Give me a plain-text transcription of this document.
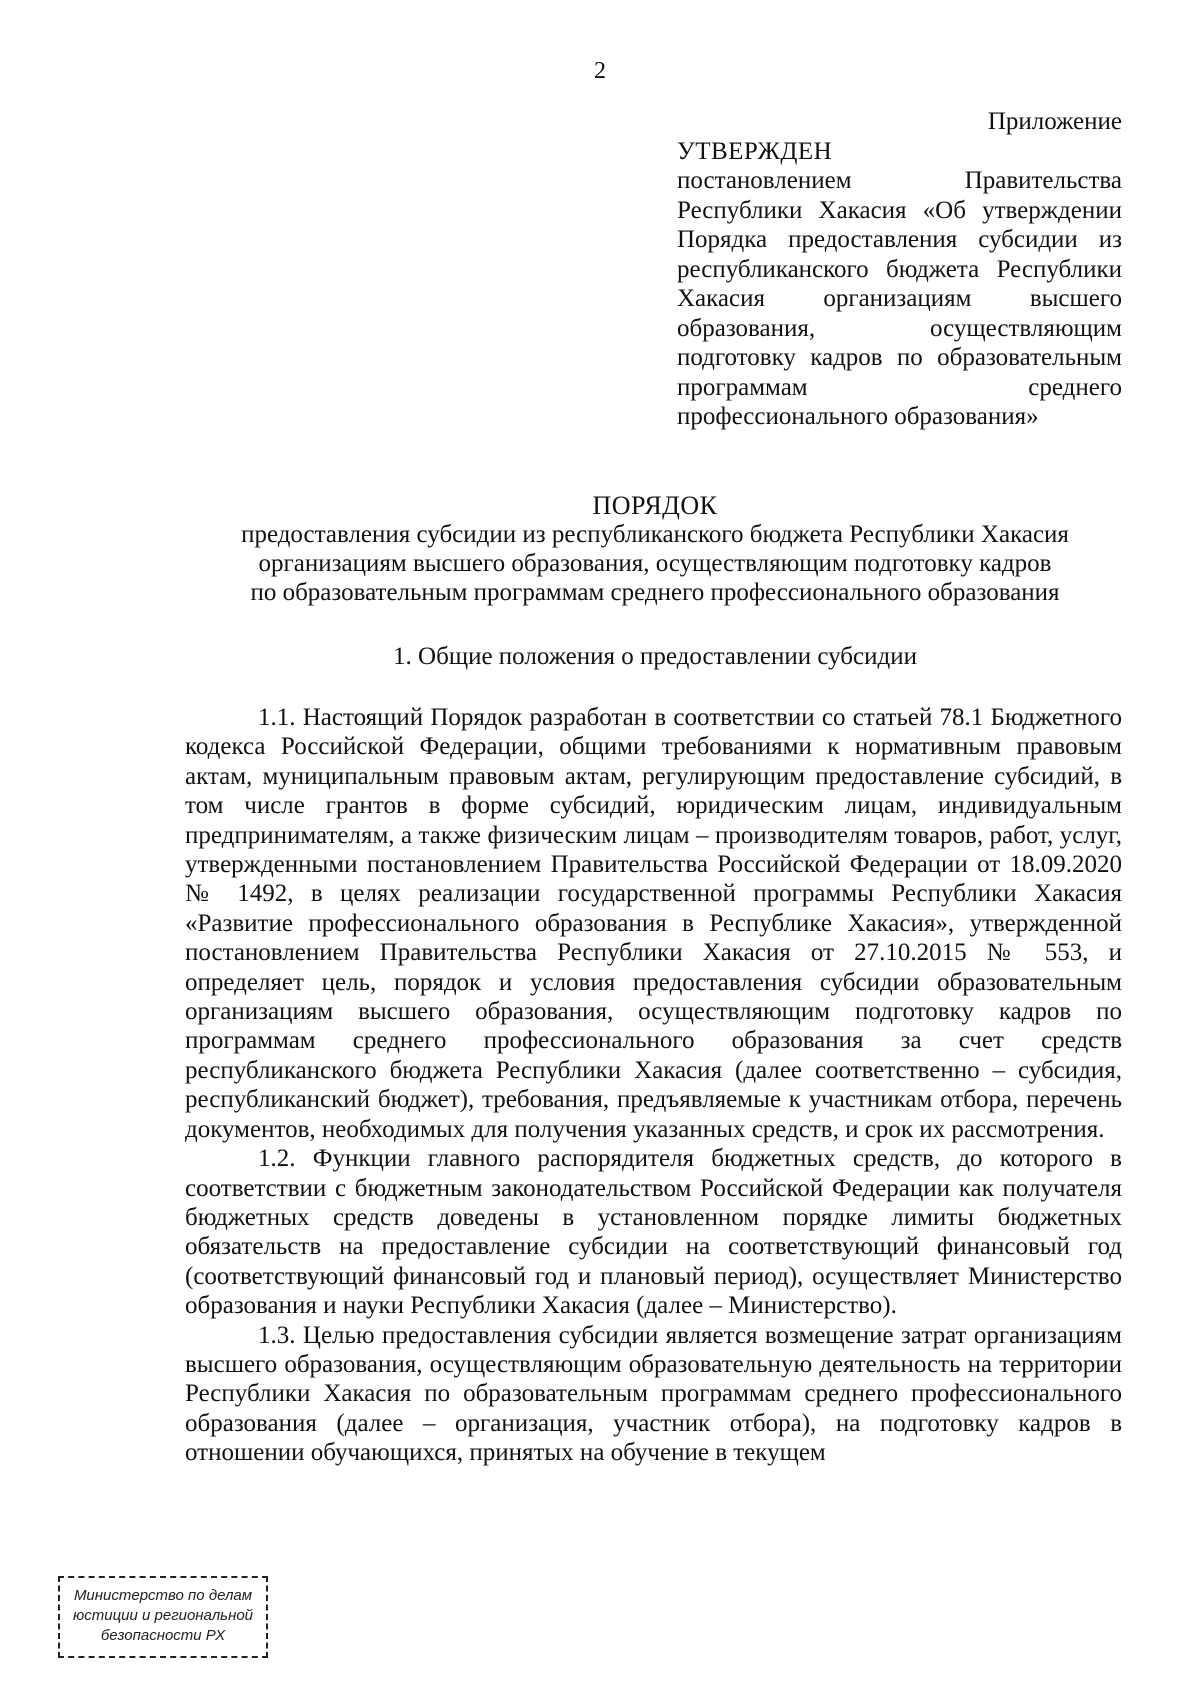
2
Приложение
УТВЕРЖДЕН
постановлением Правительства Республики Хакасия «Об утверждении Порядка предоставления субсидии из республиканского бюджета Республики Хакасия организациям высшего образования, осуществляющим подготовку кадров по образовательным программам среднего профессионального образования»
ПОРЯДОК
предоставления субсидии из республиканского бюджета Республики Хакасия
организациям высшего образования, осуществляющим подготовку кадров
по образовательным программам среднего профессионального образования
1. Общие положения о предоставлении субсидии

1.1. Настоящий Порядок разработан в соответствии со статьей 78.1 Бюджетного кодекса Российской Федерации, общими требованиями к нормативным правовым актам, муниципальным правовым актам, регулирующим предоставление субсидий, в том числе грантов в форме субсидий, юридическим лицам, индивидуальным предпринимателям, а также физическим лицам – производителям товаров, работ, услуг, утвержденными постановлением Правительства Российской Федерации от 18.09.2020 № 1492, в целях реализации государственной программы Республики Хакасия «Развитие профессионального образования в Республике Хакасия», утвержденной постановлением Правительства Республики Хакасия от 27.10.2015 № 553, и определяет цель, порядок и условия предоставления субсидии образовательным организациям высшего образования, осуществляющим подготовку кадров по программам среднего профессионального образования за счет средств республиканского бюджета Республики Хакасия (далее соответственно – субсидия, республиканский бюджет), требования, предъявляемые к участникам отбора, перечень документов, необходимых для получения указанных средств, и срок их рассмотрения.

1.2. Функции главного распорядителя бюджетных средств, до которого в соответствии с бюджетным законодательством Российской Федерации как получателя бюджетных средств доведены в установленном порядке лимиты бюджетных обязательств на предоставление субсидии на соответствующий финансовый год (соответствующий финансовый год и плановый период), осуществляет Министерство образования и науки Республики Хакасия (далее – Министерство).

1.3. Целью предоставления субсидии является возмещение затрат организациям высшего образования, осуществляющим образовательную деятельность на территории Республики Хакасия по образовательным программам среднего профессионального образования (далее – организация, участник отбора), на подготовку кадров в отношении обучающихся, принятых на обучение в текущем

Министерство по делам
юстиции и региональной
безопасности РХ
